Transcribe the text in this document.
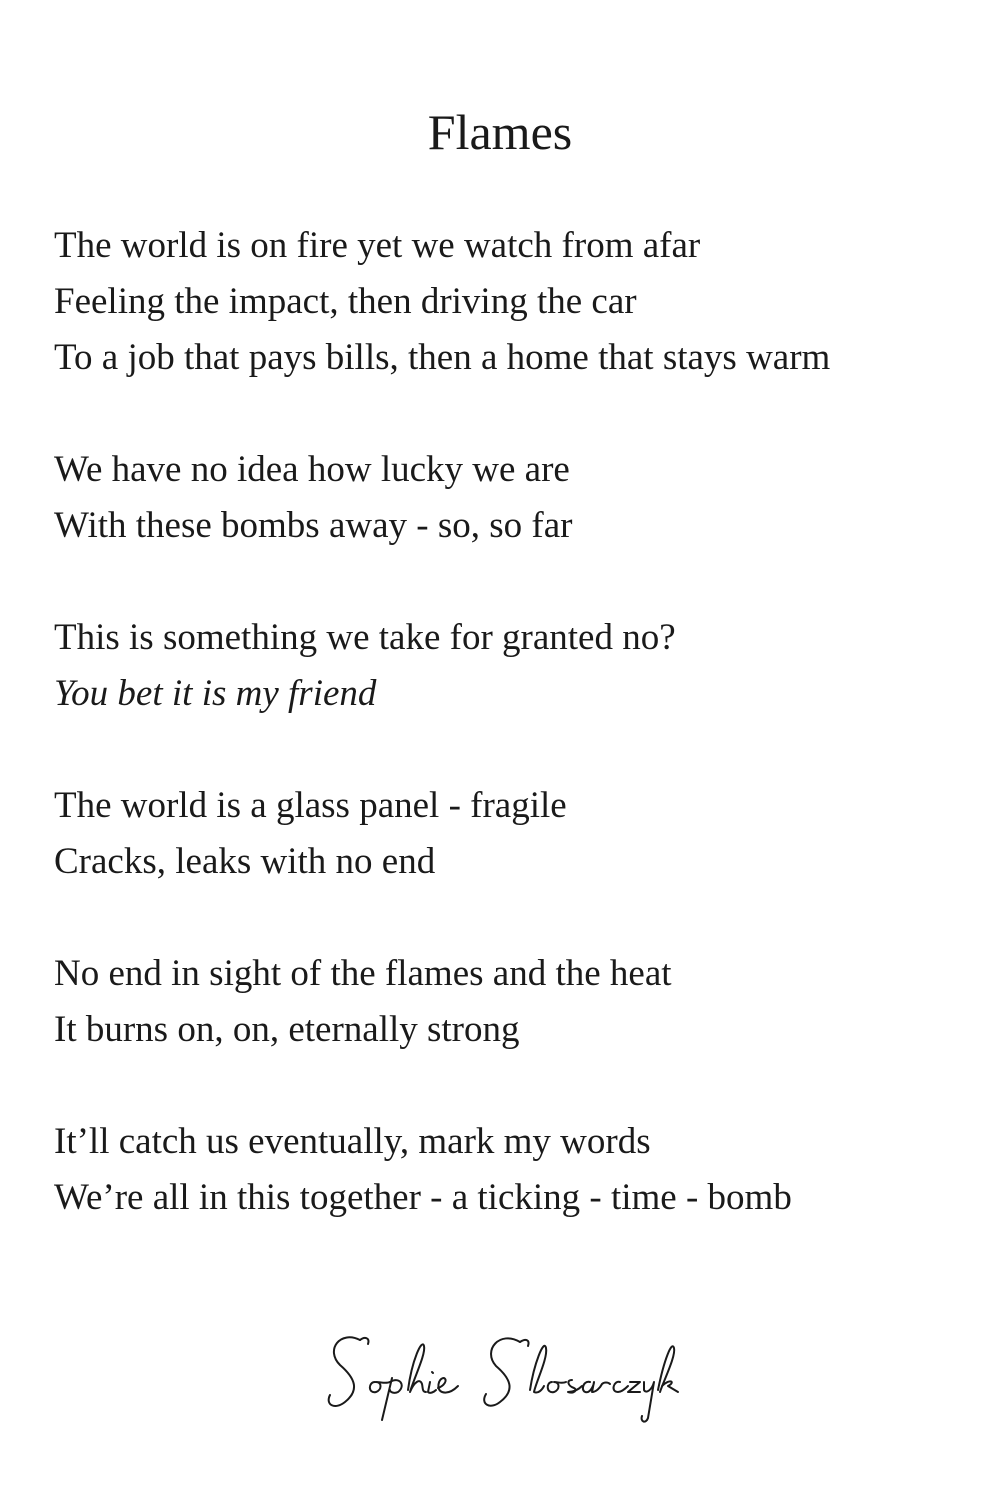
Flames
The world is on fire yet we watch from afar
Feeling the impact, then driving the car
To a job that pays bills, then a home that stays warm
We have no idea how lucky we are
With these bombs away - so, so far
This is something we take for granted no?
You bet it is my friend
The world is a glass panel - fragile
Cracks, leaks with no end
No end in sight of the flames and the heat
It burns on, on, eternally strong
It’ll catch us eventually, mark my words
We’re all in this together - a ticking - time - bomb
